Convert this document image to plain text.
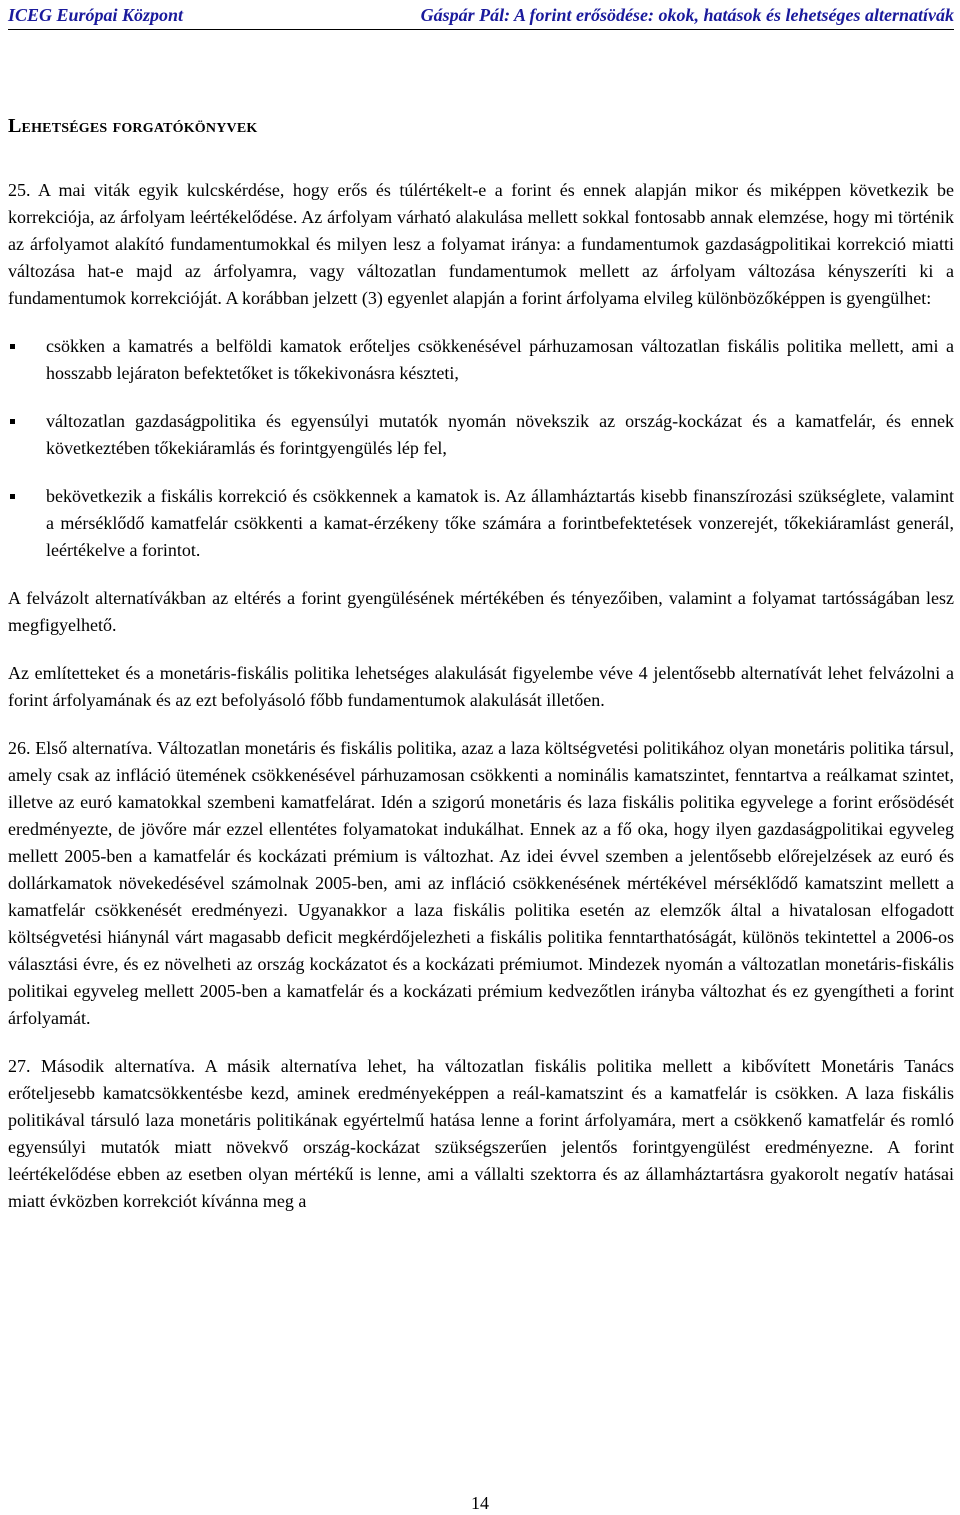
ICEG Európai Központ	Gáspár Pál: A forint erősödése: okok, hatások és lehetséges alternatívák
Lehetséges forgatókönyvek

25. A mai viták egyik kulcskérdése, hogy erős és túlértékelt-e a forint és ennek alapján mikor és miképpen következik be korrekciója, az árfolyam leértékelődése. Az árfolyam várható alakulása mellett sokkal fontosabb annak elemzése, hogy mi történik az árfolyamot alakító fundamentumokkal és milyen lesz a folyamat iránya: a fundamentumok gazdaságpolitikai korrekció miatti változása hat-e majd az árfolyamra, vagy változatlan fundamentumok mellett az árfolyam változása kényszeríti ki a fundamentumok korrekcióját. A korábban jelzett (3) egyenlet alapján a forint árfolyama elvileg különbözőképpen is gyengülhet:

csökken a kamatrés a belföldi kamatok erőteljes csökkenésével párhuzamosan változatlan fiskális politika mellett, ami a hosszabb lejáraton befektetőket is tőkekivonásra készteti,
változatlan gazdaságpolitika és egyensúlyi mutatók nyomán növekszik az ország-kockázat és a kamatfelár, és ennek következtében tőkekiáramlás és forintgyengülés lép fel,
bekövetkezik a fiskális korrekció és csökkennek a kamatok is. Az államháztartás kisebb finanszírozási szükséglete, valamint a mérséklődő kamatfelár csökkenti a kamat-érzékeny tőke számára a forintbefektetések vonzerejét, tőkekiáramlást generál, leértékelve a forintot.

A felvázolt alternatívákban az eltérés a forint gyengülésének mértékében és tényezőiben, valamint a folyamat tartósságában lesz megfigyelhető.

Az említetteket és a monetáris-fiskális politika lehetséges alakulását figyelembe véve 4 jelentősebb alternatívát lehet felvázolni a forint árfolyamának és az ezt befolyásoló főbb fundamentumok alakulását illetően.

26. Első alternatíva. Változatlan monetáris és fiskális politika, azaz a laza költségvetési politikához olyan monetáris politika társul, amely csak az infláció ütemének csökkenésével párhuzamosan csökkenti a nominális kamatszintet, fenntartva a reálkamat szintet, illetve az euró kamatokkal szembeni kamatfelárat. Idén a szigorú monetáris és laza fiskális politika egyvelege a forint erősödését eredményezte, de jövőre már ezzel ellentétes folyamatokat indukálhat. Ennek az a fő oka, hogy ilyen gazdaságpolitikai egyveleg mellett 2005-ben a kamatfelár és kockázati prémium is változhat. Az idei évvel szemben a jelentősebb előrejelzések az euró és dollárkamatok növekedésével számolnak 2005-ben, ami az infláció csökkenésének mértékével mérséklődő kamatszint mellett a kamatfelár csökkenését eredményezi. Ugyanakkor a laza fiskális politika esetén az elemzők által a hivatalosan elfogadott költségvetési hiánynál várt magasabb deficit megkérdőjelezheti a fiskális politika fenntarthatóságát, különös tekintettel a 2006-os választási évre, és ez növelheti az ország kockázatot és a kockázati prémiumot. Mindezek nyomán a változatlan monetáris-fiskális politikai egyveleg mellett 2005-ben a kamatfelár és a kockázati prémium kedvezőtlen irányba változhat és ez gyengítheti a forint árfolyamát.

27. Második alternatíva. A másik alternatíva lehet, ha változatlan fiskális politika mellett a kibővített Monetáris Tanács erőteljesebb kamatcsökkentésbe kezd, aminek eredményeképpen a reál-kamatszint és a kamatfelár is csökken. A laza fiskális politikával társuló laza monetáris politikának egyértelmű hatása lenne a forint árfolyamára, mert a csökkenő kamatfelár és romló egyensúlyi mutatók miatt növekvő ország-kockázat szükségszerűen jelentős forintgyengülést eredményezne. A forint leértékelődése ebben az esetben olyan mértékű is lenne, ami a vállalti szektorra és az államháztartásra gyakorolt negatív hatásai miatt évközben korrekciót kívánna meg a

14
